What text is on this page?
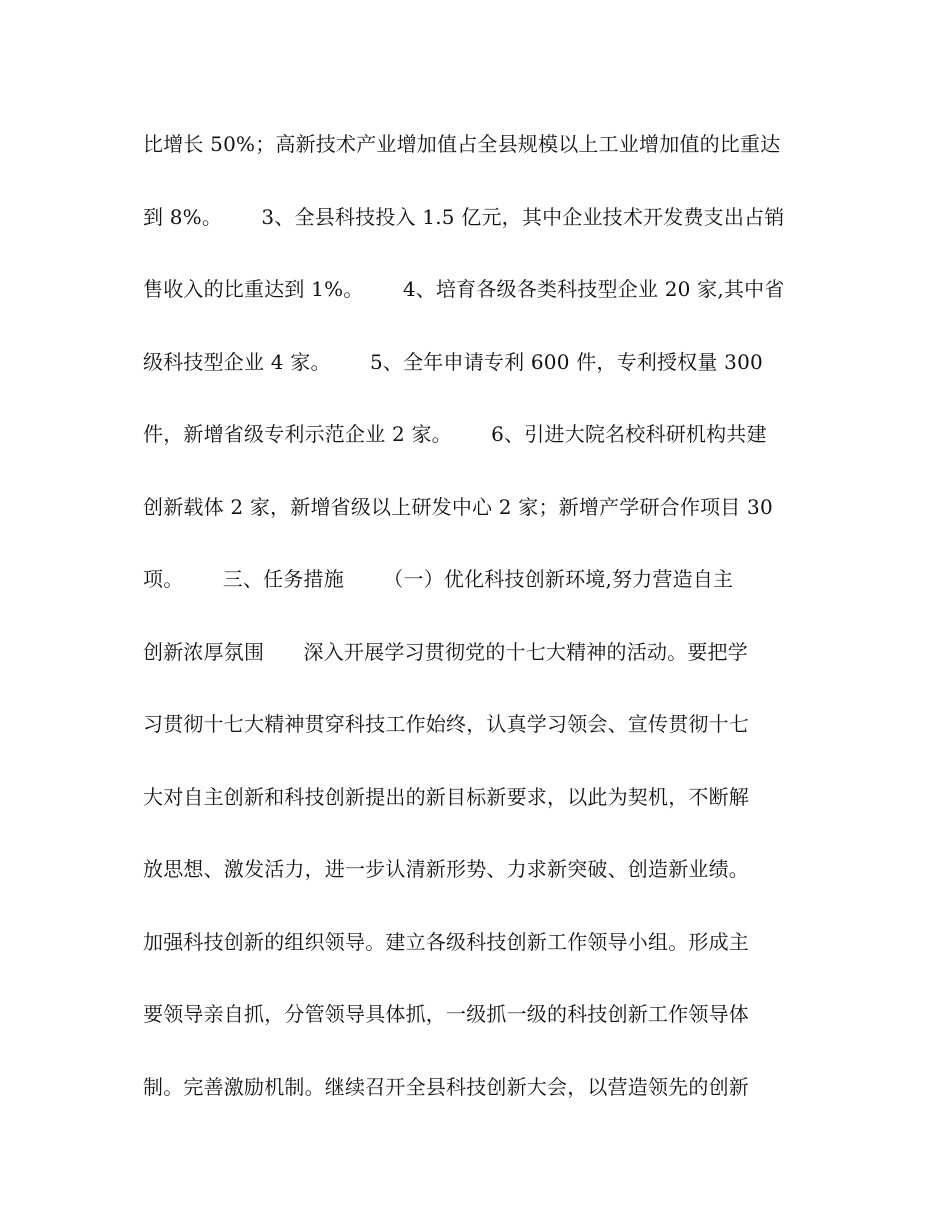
比增长 50%；高新技术产业增加值占全县规模以上工业增加值的比重达
到 8%。      3、全县科技投入 1.5 亿元，其中企业技术开发费支出占销
售收入的比重达到 1%。      4、培育各级各类科技型企业 20 家,其中省
级科技型企业 4 家。      5、全年申请专利 600 件，专利授权量 300
件，新增省级专利示范企业 2 家。      6、引进大院名校科研机构共建
创新载体 2 家，新增省级以上研发中心 2 家；新增产学研合作项目 30
项。      三、任务措施      （一）优化科技创新环境,努力营造自主
创新浓厚氛围      深入开展学习贯彻党的十七大精神的活动。要把学
习贯彻十七大精神贯穿科技工作始终，认真学习领会、宣传贯彻十七
大对自主创新和科技创新提出的新目标新要求，以此为契机，不断解
放思想、激发活力，进一步认清新形势、力求新突破、创造新业绩。
加强科技创新的组织领导。建立各级科技创新工作领导小组。形成主
要领导亲自抓，分管领导具体抓，一级抓一级的科技创新工作领导体
制。完善激励机制。继续召开全县科技创新大会，以营造领先的创新
